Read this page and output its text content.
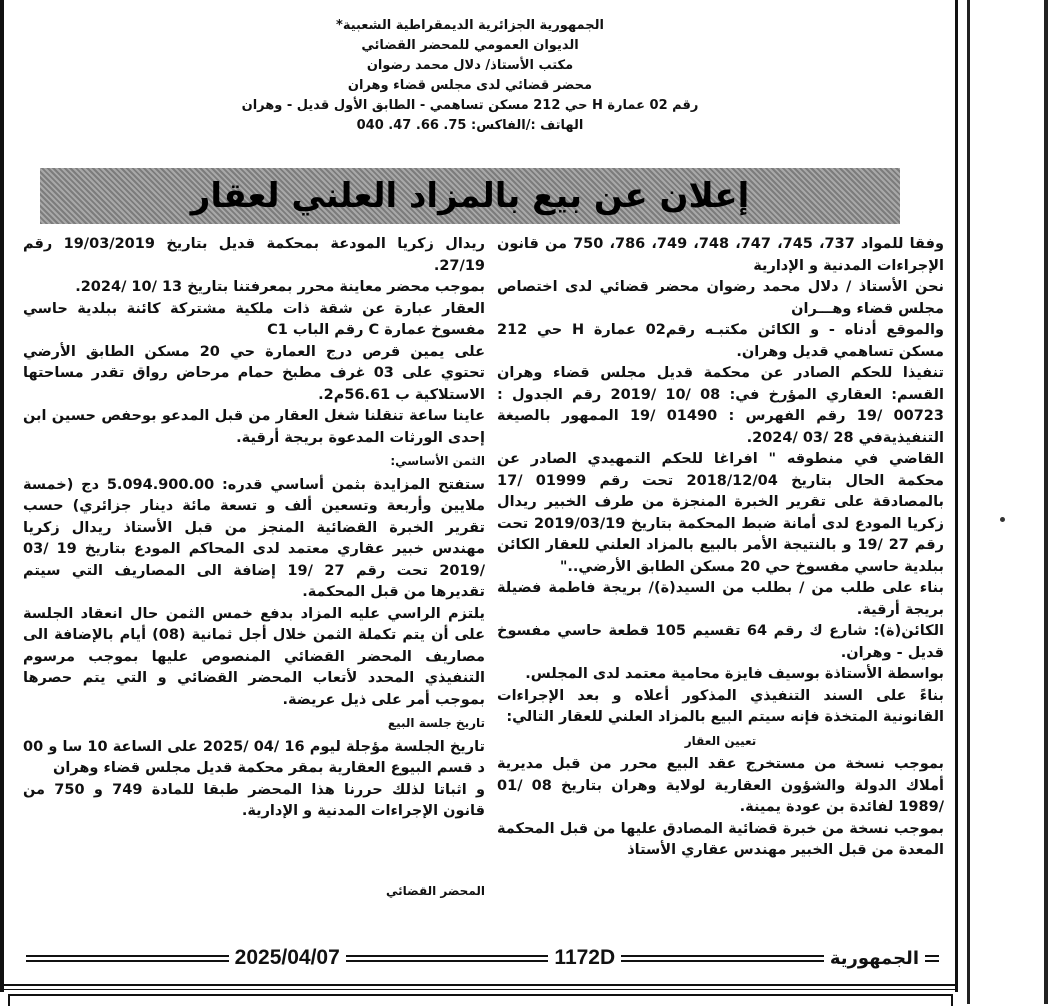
الجمهورية الجزائرية الديمقراطية الشعبية*
الديوان العمومي للمحضر القضائي
مكتب الأستاذ/ دلال محمد رضوان
محضر قضائي لدى مجلس قضاء وهران
رقم 02 عمارة H حي 212 مسكن تساهمي - الطابق الأول قديل - وهران
الهاتف :/الفاكس: 75. 66. 47. 040
إعلان عن بيع بالمزاد العلني لعقار

وفقا للمواد 737، 745، 747، 748، 749، 786، 750 من قانون الإجراءات المدنية و الإدارية

نحن الأستاذ / دلال محمد رضوان محضر قضائي لدى اختصاص مجلس قضاء وهـــران

والموقع أدناه - و الكائن مكتبـه رقم02 عمارة H حي 212 مسكن تساهمي قديل وهران.

تنفيذا للحكم الصادر عن محكمة قديل مجلس قضاء وهران القسم: العقاري المؤرخ في: 08 /10 /2019 رقم الجدول : 00723 /19 رقم الفهرس : 01490 /19 الممهور بالصيغة التنفيذيةفي 28 /03 /2024.

القاضي في منطوقه " افراغا للحكم التمهيدي الصادر عن محكمة الحال بتاريخ 2018/12/04 تحت رقم 01999 /17 بالمصادقة على تقرير الخبرة المنجزة من طرف الخبير ريدال زكريا المودع لدى أمانة ضبط المحكمة بتاريخ 2019/03/19 تحت رقم 27 /19 و بالنتيجة الأمر بالبيع بالمزاد العلني للعقار الكائن ببلدية حاسي مفسوخ حي 20 مسكن الطابق الأرضي.."

بناء على طلب من / بطلب من السيد(ة)/ بريجة فاطمة فضيلة بريجة أرقية.

الكائن(ة): شارع ك رقم 64 تقسيم 105 قطعة حاسي مفسوخ قديل - وهران.

بواسطة الأستاذة بوسيف فايزة محامية معتمد لدى المجلس.

بناءً على السند التنفيذي المذكور أعلاه و بعد الإجراءات القانونية المتخذة فإنه سيتم البيع بالمزاد العلني للعقار التالي:

تعيين العقار

بموجب نسخة من مستخرج عقد البيع محرر من قبل مديرية أملاك الدولة والشؤون العقارية لولاية وهران بتاريخ 08 /01 /1989 لفائدة بن عودة يمينة.

بموجب نسخة من خبرة قضائية المصادق عليها من قبل المحكمة المعدة من قبل الخبير مهندس عقاري الأستاذ

ريدال زكريا المودعة بمحكمة قديل بتاريخ 19/03/2019 رقم 27/19.

بموجب محضر معاينة محرر بمعرفتنا بتاريخ 13 /10 /2024.

العقار عبارة عن شقة ذات ملكية مشتركة كائنة ببلدية حاسي مفسوخ عمارة C رقم الباب C1

على يمين قرص درج العمارة حي 20 مسكن الطابق الأرضي تحتوي على 03 غرف مطبخ حمام مرحاض رواق تقدر مساحتها الاستلاكية ب 56.61م2.

عاينا ساعة تنقلنا شغل العقار من قبل المدعو بوحفص حسين ابن إحدى الورثات المدعوة بريجة أرقية.

الثمن الأساسي:

ستفتح المزايدة بثمن أساسي قدره: 5.094.900.00 دج (خمسة ملايين وأربعة وتسعين ألف و تسعة مائة دينار جزائري) حسب تقرير الخبرة القضائية المنجز من قبل الأستاذ ريدال زكريا مهندس خبير عقاري معتمد لدى المحاكم المودع بتاريخ 19 /03 /2019 تحت رقم 27 /19 إضافة الى المصاريف التي سيتم تقديرها من قبل المحكمة.

يلتزم الراسي عليه المزاد بدفع خمس الثمن حال انعقاد الجلسة على أن يتم تكملة الثمن خلال أجل ثمانية (08) أيام بالإضافة الى مصاريف المحضر القضائي المنصوص عليها بموجب مرسوم التنفيذي المحدد لأتعاب المحضر القضائي و التي يتم حصرها بموجب أمر على ذيل عريضة.

تاريخ جلسة البيع

تاريخ الجلسة مؤجلة ليوم 16 /04 /2025 على الساعة 10 سا و 00 د قسم البيوع العقارية بمقر محكمة قديل مجلس قضاء وهران

و اثباتا لذلك حررنا هذا المحضر طبقا للمادة 749 و 750 من قانون الإجراءات المدنية و الإدارية.

المحضر القضائي

2025/04/07	1172D	الجمهورية
